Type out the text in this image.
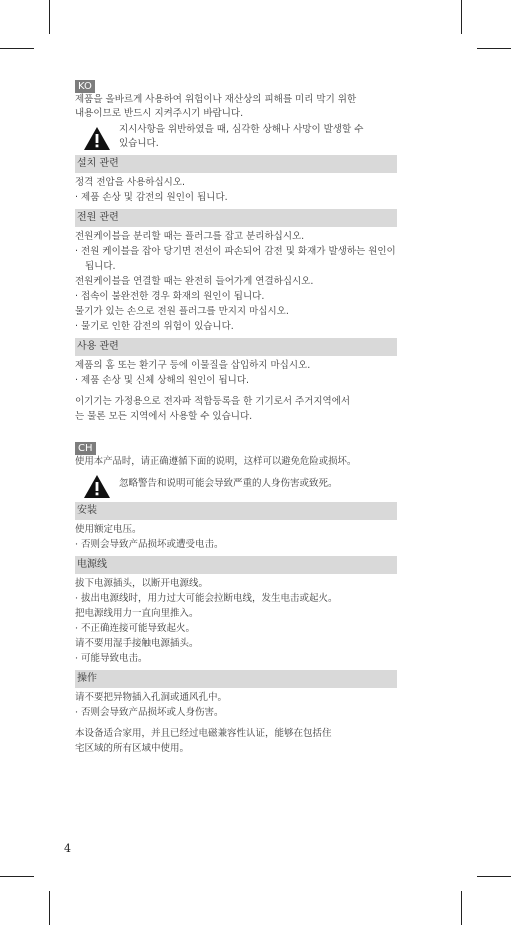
KO

제품을 올바르게 사용하여 위험이나 재산상의 피해를 미리 막기 위한

내용이므로 반드시 지켜주시기 바랍니다.

지시사항을 위반하였을 때, 심각한 상해나 사망이 발생할 수
있습니다.
설치 관련

정격 전압을 사용하십시오.

· 제품 손상 및 감전의 원인이 됩니다.

전원 관련

전원케이블을 분리할 때는 플러그를 잡고 분리하십시오.

· 전원 케이블을 잡아 당기면 전선이 파손되어 감전 및 화재가 발생하는 원인이 됩니다.

전원케이블을 연결할 때는 완전히 들어가게 연결하십시오.

· 접속이 불완전한 경우 화재의 원인이 됩니다.

물기가 있는 손으로 전원 플러그를 만지지 마십시오.

· 물기로 인한 감전의 위험이 있습니다.

사용 관련

제품의 홈 또는 환기구 등에 이물질을 삽입하지 마십시오.

· 제품 손상 및 신체 상해의 원인이 됩니다.

이기기는 가정용으로 전자파 적합등록을 한 기기로서 주거지역에서

는 물론 모든 지역에서 사용할 수 있습니다.

CH

使用本产品时，请正确遵循下面的说明，这样可以避免危险或损坏。

忽略警告和说明可能会导致严重的人身伤害或致死。
安装

使用额定电压。

· 否则会导致产品损坏或遭受电击。

电源线

拔下电源插头，以断开电源线。

· 拔出电源线时，用力过大可能会拉断电线，发生电击或起火。

把电源线用力一直向里推入。

· 不正确连接可能导致起火。

请不要用湿手接触电源插头。

· 可能导致电击。

操作

请不要把异物插入孔洞或通风孔中。

· 否则会导致产品损坏或人身伤害。

本设备适合家用，并且已经过电磁兼容性认证，能够在包括住

宅区域的所有区域中使用。

4
